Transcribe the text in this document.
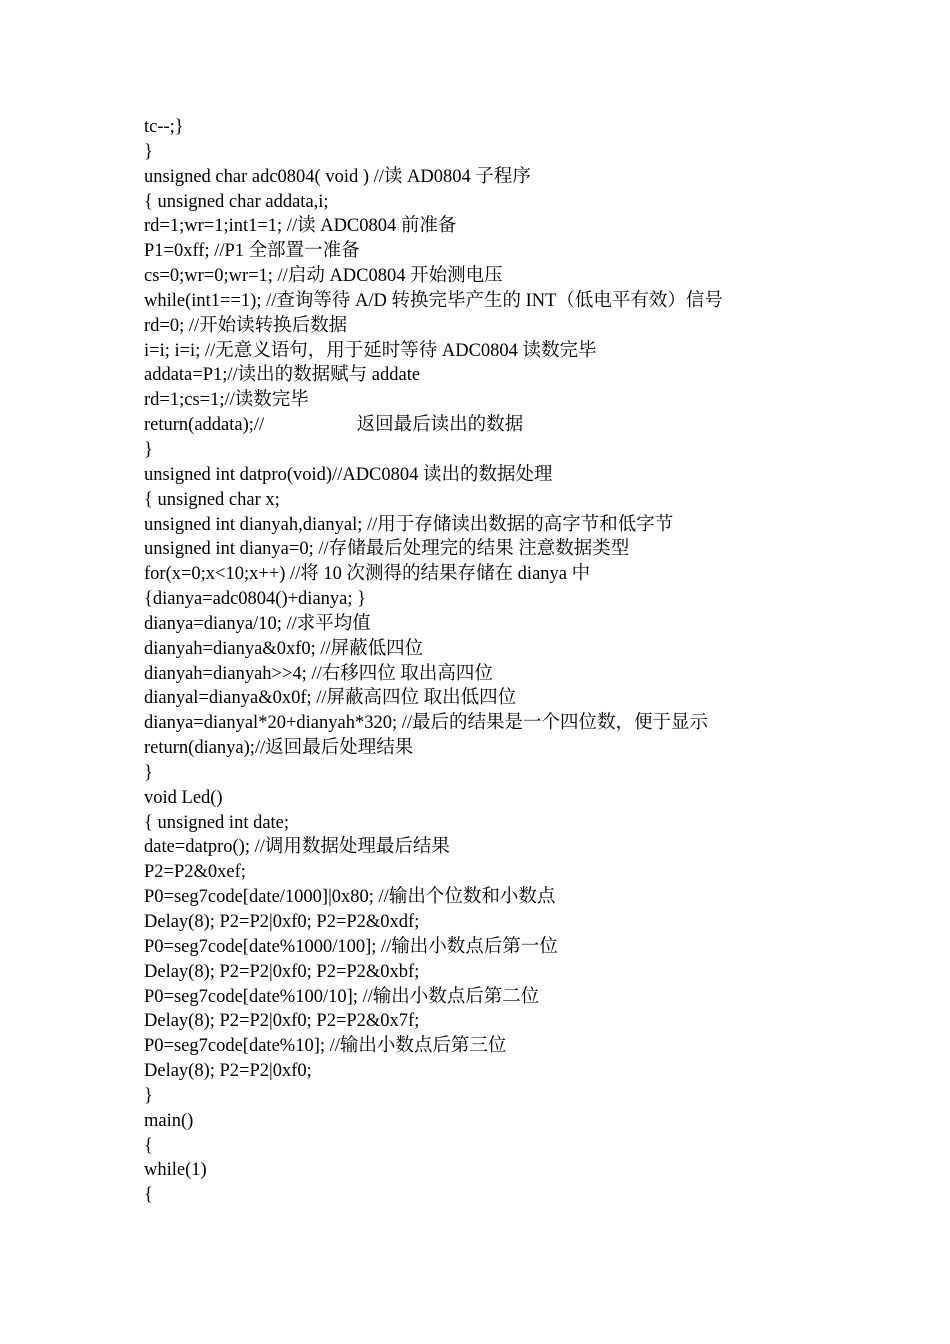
tc--;}
}
unsigned char adc0804( void ) //读 AD0804 子程序
{ unsigned char addata,i;
rd=1;wr=1;int1=1; //读 ADC0804 前准备
P1=0xff; //P1 全部置一准备
cs=0;wr=0;wr=1; //启动 ADC0804 开始测电压
while(int1==1); //查询等待 A/D 转换完毕产生的 INT（低电平有效）信号
rd=0; //开始读转换后数据
i=i; i=i; //无意义语句，用于延时等待 ADC0804 读数完毕
addata=P1;//读出的数据赋与 addate
rd=1;cs=1;//读数完毕
return(addata);//                    返回最后读出的数据
}
unsigned int datpro(void)//ADC0804 读出的数据处理
{ unsigned char x;
unsigned int dianyah,dianyal; //用于存储读出数据的高字节和低字节
unsigned int dianya=0; //存储最后处理完的结果 注意数据类型
for(x=0;x<10;x++) //将 10 次测得的结果存储在 dianya 中
{dianya=adc0804()+dianya; }
dianya=dianya/10; //求平均值
dianyah=dianya&0xf0; //屏蔽低四位
dianyah=dianyah>>4; //右移四位 取出高四位
dianyal=dianya&0x0f; //屏蔽高四位 取出低四位
dianya=dianyal*20+dianyah*320; //最后的结果是一个四位数，便于显示
return(dianya);//返回最后处理结果
}
void Led()
{ unsigned int date;
date=datpro(); //调用数据处理最后结果
P2=P2&0xef;
P0=seg7code[date/1000]|0x80; //输出个位数和小数点
Delay(8); P2=P2|0xf0; P2=P2&0xdf;
P0=seg7code[date%1000/100]; //输出小数点后第一位
Delay(8); P2=P2|0xf0; P2=P2&0xbf;
P0=seg7code[date%100/10]; //输出小数点后第二位
Delay(8); P2=P2|0xf0; P2=P2&0x7f;
P0=seg7code[date%10]; //输出小数点后第三位
Delay(8); P2=P2|0xf0;
}
main()
{
while(1)
{
